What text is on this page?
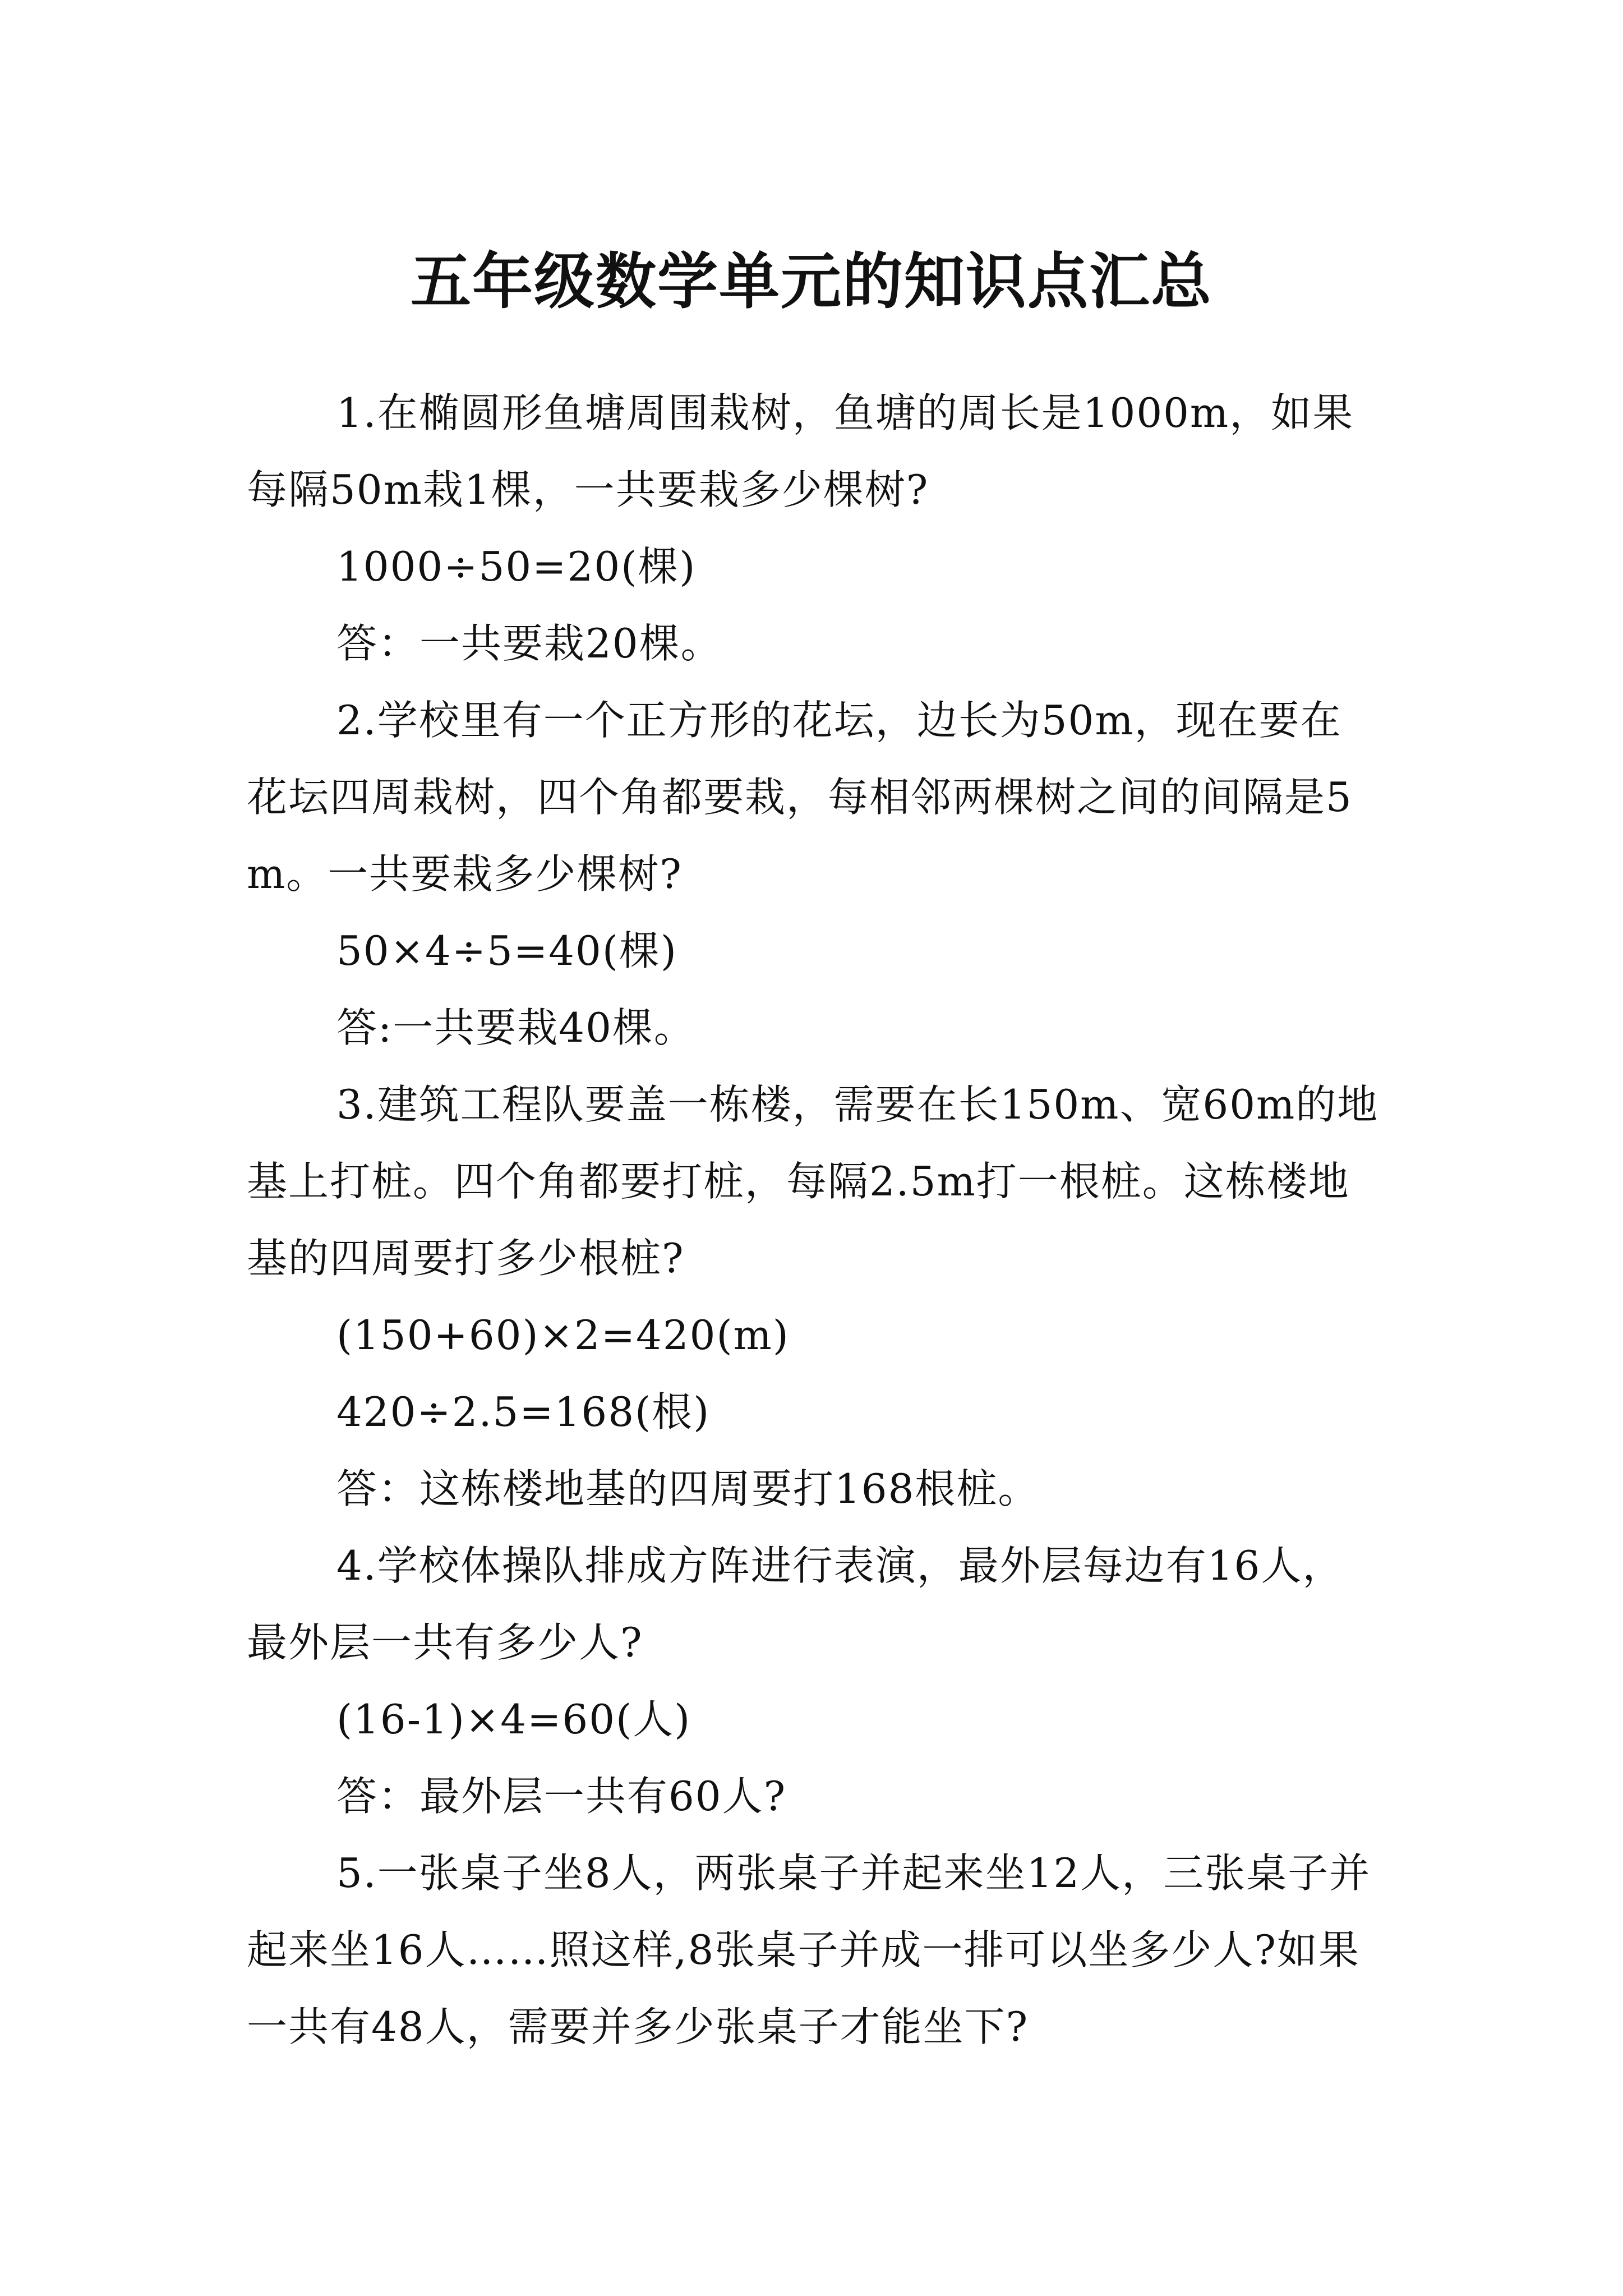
五年级数学单元的知识点汇总

1.在椭圆形鱼塘周围栽树，鱼塘的周长是1000m，如果每隔50m栽1棵，一共要栽多少棵树?

1000÷50=20(棵)

答：一共要栽20棵。

2.学校里有一个正方形的花坛，边长为50m，现在要在花坛四周栽树，四个角都要栽，每相邻两棵树之间的间隔是5m。一共要栽多少棵树?

50×4÷5=40(棵)

答:一共要栽40棵。

3.建筑工程队要盖一栋楼，需要在长150m、宽60m的地基上打桩。四个角都要打桩，每隔2.5m打一根桩。这栋楼地基的四周要打多少根桩?

(150+60)×2=420(m)

420÷2.5=168(根)

答：这栋楼地基的四周要打168根桩。

4.学校体操队排成方阵进行表演，最外层每边有16人，最外层一共有多少人?

(16-1)×4=60(人)

答：最外层一共有60人?

5.一张桌子坐8人，两张桌子并起来坐12人，三张桌子并起来坐16人……照这样,8张桌子并成一排可以坐多少人?如果一共有48人，需要并多少张桌子才能坐下?
